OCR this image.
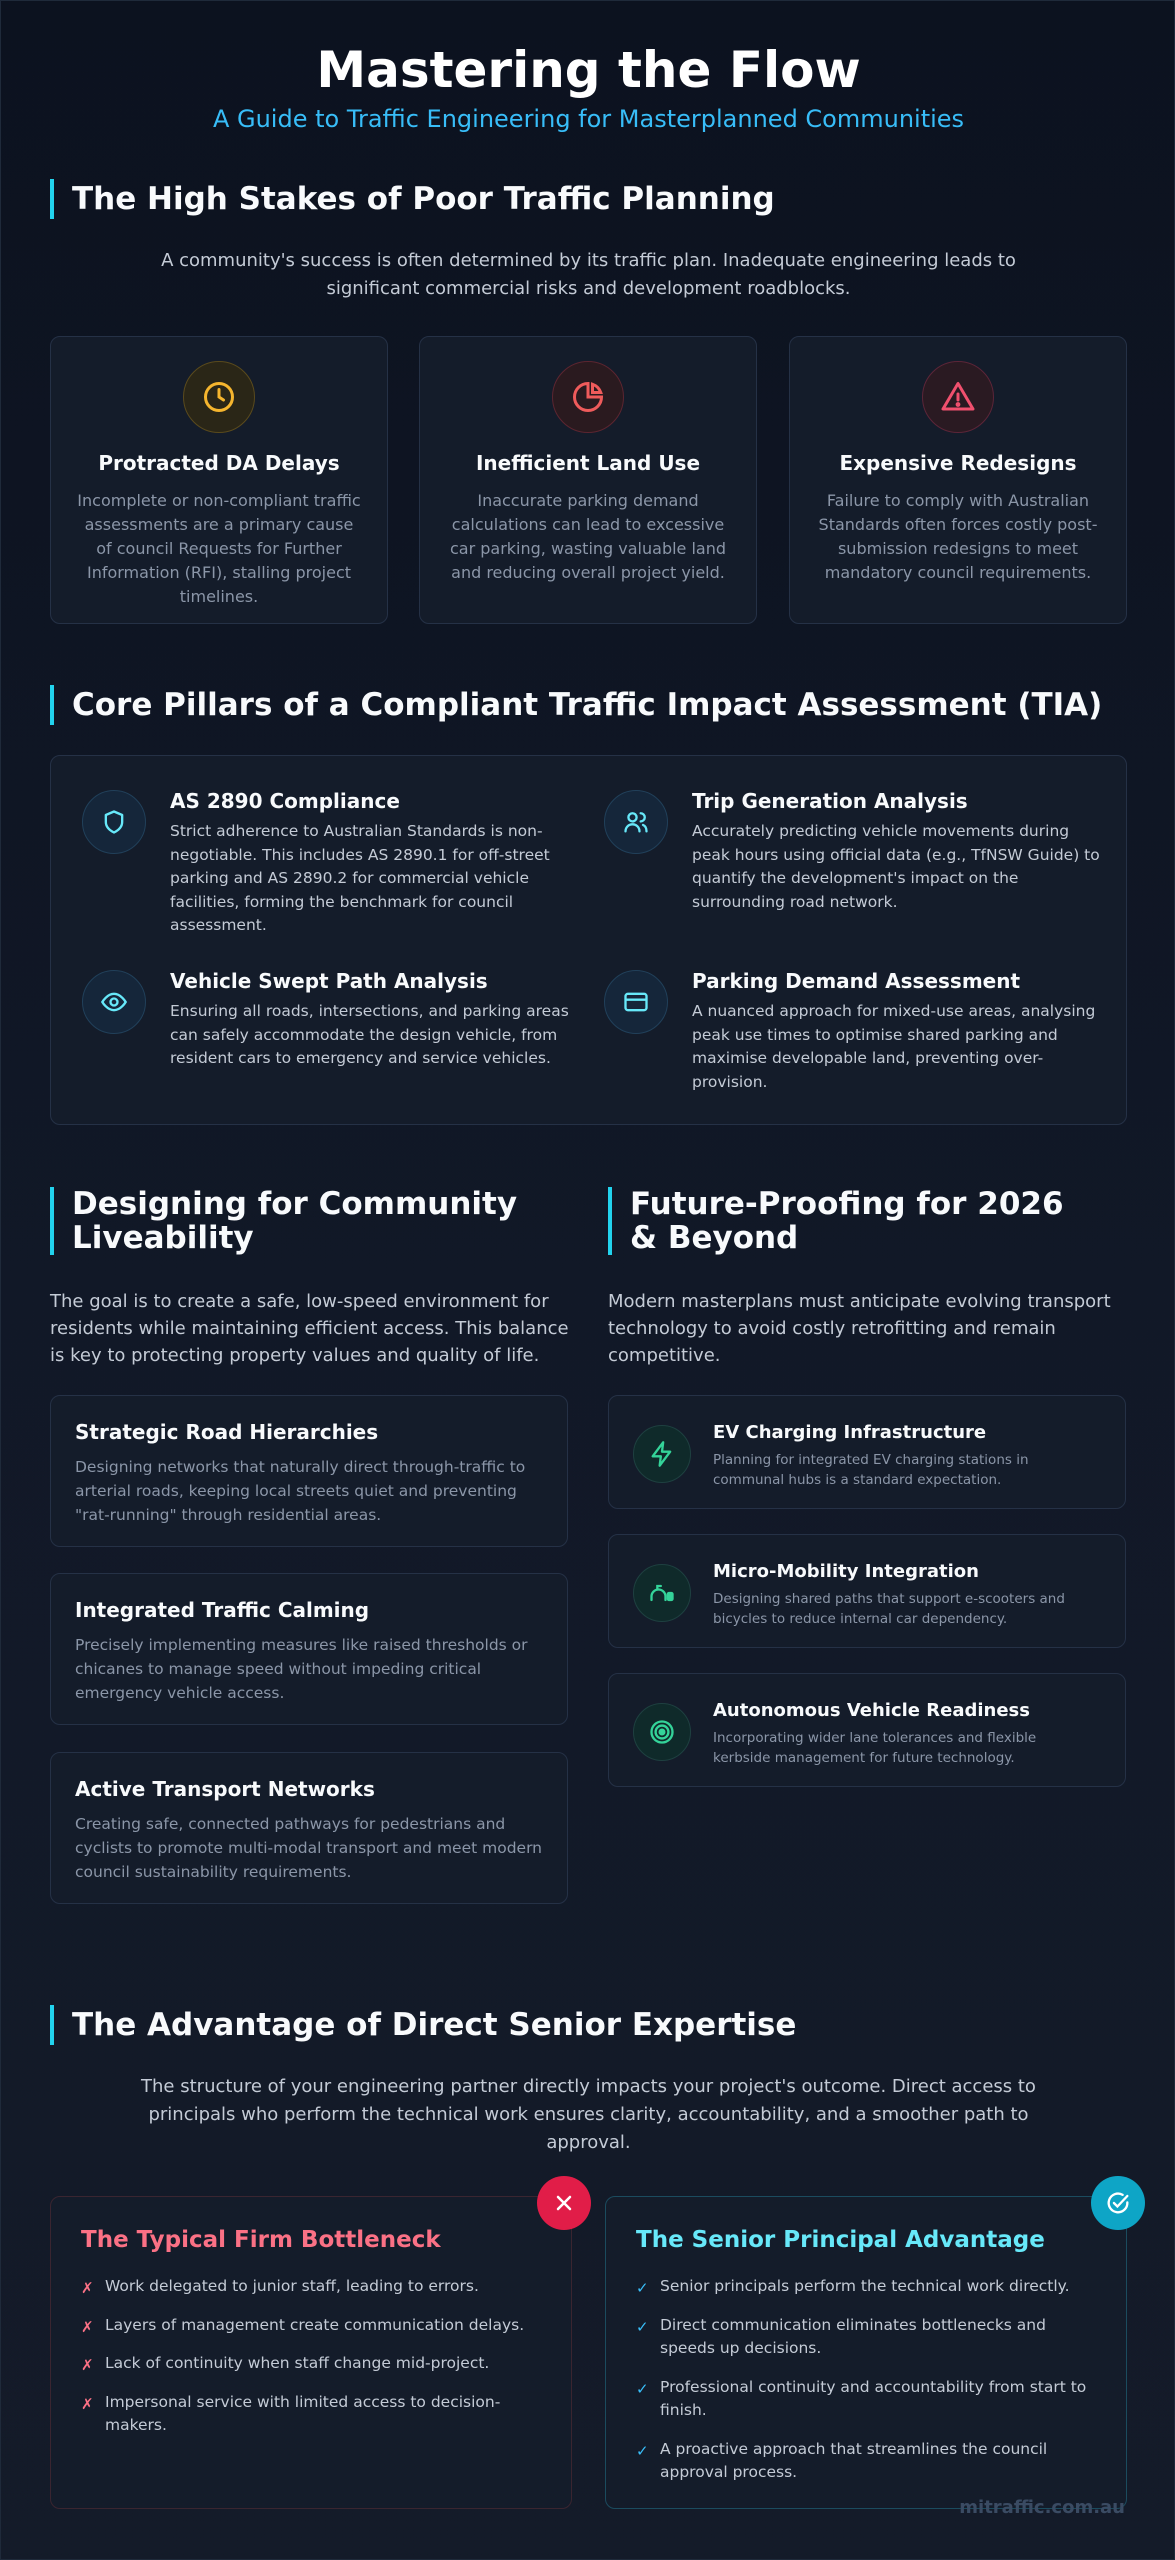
Mastering the Flow
A Guide to Traffic Engineering for Masterplanned Communities
The High Stakes of Poor Traffic Planning
A community's success is often determined by its traffic plan. Inadequate engineering leads to significant commercial risks and development roadblocks.
Protracted DA Delays
Incomplete or non-compliant traffic assessments are a primary cause of council Requests for Further Information (RFI), stalling project timelines.
Inefficient Land Use
Inaccurate parking demand calculations can lead to excessive car parking, wasting valuable land and reducing overall project yield.
Expensive Redesigns
Failure to comply with Australian Standards often forces costly post-submission redesigns to meet mandatory council requirements.
Core Pillars of a Compliant Traffic Impact Assessment (TIA)
AS 2890 Compliance
Strict adherence to Australian Standards is non-negotiable. This includes AS 2890.1 for off-street parking and AS 2890.2 for commercial vehicle facilities, forming the benchmark for council assessment.
Trip Generation Analysis
Accurately predicting vehicle movements during peak hours using official data (e.g., TfNSW Guide) to quantify the development's impact on the surrounding road network.
Vehicle Swept Path Analysis
Ensuring all roads, intersections, and parking areas can safely accommodate the design vehicle, from resident cars to emergency and service vehicles.
Parking Demand Assessment
A nuanced approach for mixed-use areas, analysing peak use times to optimise shared parking and maximise developable land, preventing over-provision.
Designing for Community Liveability
The goal is to create a safe, low-speed environment for residents while maintaining efficient access. This balance is key to protecting property values and quality of life.
Strategic Road Hierarchies
Designing networks that naturally direct through-traffic to arterial roads, keeping local streets quiet and preventing "rat-running" through residential areas.
Integrated Traffic Calming
Precisely implementing measures like raised thresholds or chicanes to manage speed without impeding critical emergency vehicle access.
Active Transport Networks
Creating safe, connected pathways for pedestrians and cyclists to promote multi-modal transport and meet modern council sustainability requirements.
Future-Proofing for 2026 & Beyond
Modern masterplans must anticipate evolving transport technology to avoid costly retrofitting and remain competitive.
EV Charging Infrastructure
Planning for integrated EV charging stations in communal hubs is a standard expectation.
Micro-Mobility Integration
Designing shared paths that support e-scooters and bicycles to reduce internal car dependency.
Autonomous Vehicle Readiness
Incorporating wider lane tolerances and flexible kerbside management for future technology.
The Advantage of Direct Senior Expertise
The structure of your engineering partner directly impacts your project's outcome. Direct access to principals who perform the technical work ensures clarity, accountability, and a smoother path to approval.
The Typical Firm Bottleneck
✗ Work delegated to junior staff, leading to errors.
✗ Layers of management create communication delays.
✗ Lack of continuity when staff change mid-project.
✗ Impersonal service with limited access to decision-makers.
The Senior Principal Advantage
✓ Senior principals perform the technical work directly.
✓ Direct communication eliminates bottlenecks and speeds up decisions.
✓ Professional continuity and accountability from start to finish.
✓ A proactive approach that streamlines the council approval process.
mitraffic.com.au
